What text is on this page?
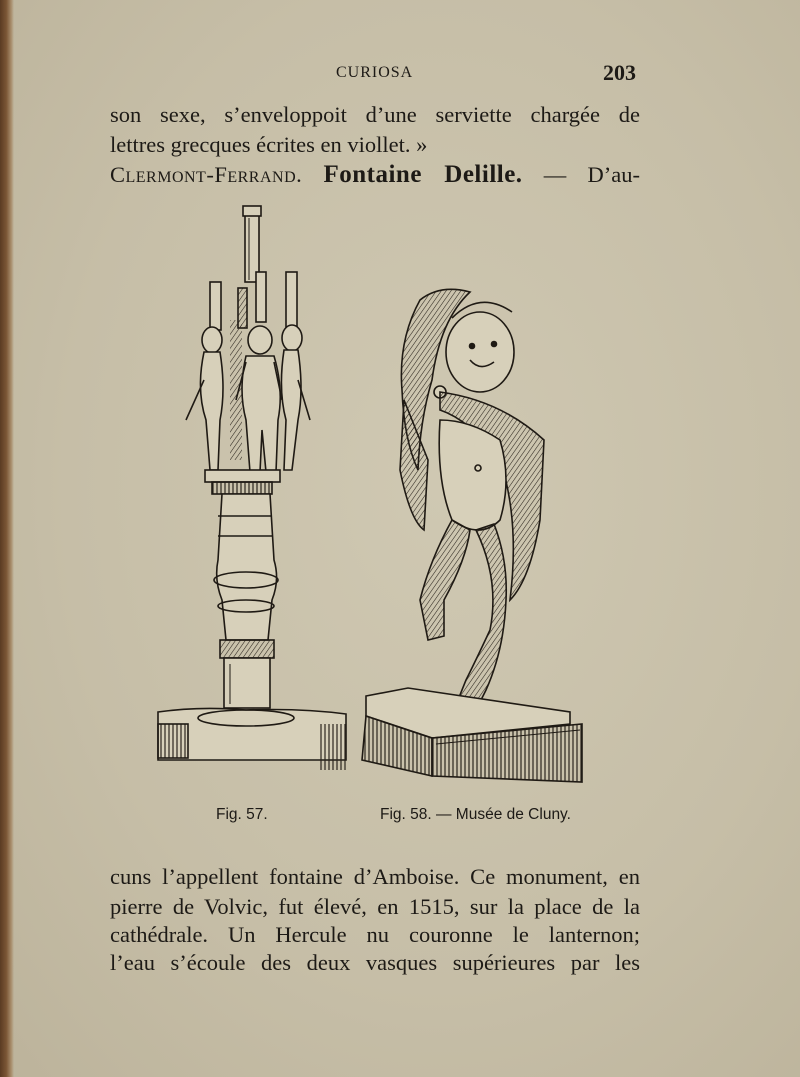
CURIOSA	203
son sexe, s’enveloppoit d’une serviette chargée de
lettres grecques écrites en viollet. »
Clermont-Ferrand. Fontaine Delille. — D’au-
Fig. 57.	Fig. 58. — Musée de Cluny.
cuns l’appellent fontaine d’Amboise. Ce monument, en
pierre de Volvic, fut élevé, en 1515, sur la place de la
cathédrale. Un Hercule nu couronne le lanternon;
l’eau s’écoule des deux vasques supérieures par les
